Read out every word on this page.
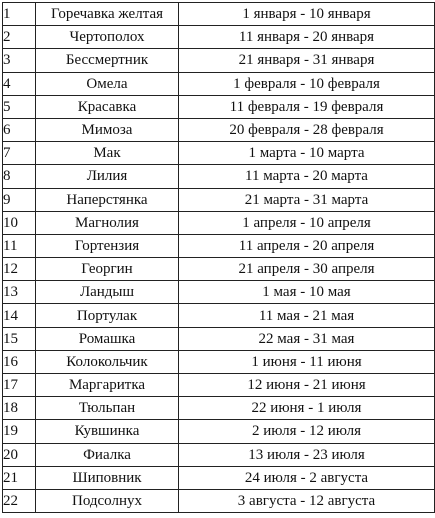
1	Горечавка желтая	1 января - 10 января
2	Чертополох	11 января - 20 января
3	Бессмертник	21 января - 31 января
4	Омела	1 февраля - 10 февраля
5	Красавка	11 февраля - 19 февраля
6	Мимоза	20 февраля - 28 февраля
7	Мак	1 марта - 10 марта
8	Лилия	11 марта - 20 марта
9	Наперстянка	21 марта - 31 марта
10	Магнолия	1 апреля - 10 апреля
11	Гортензия	11 апреля - 20 апреля
12	Георгин	21 апреля - 30 апреля
13	Ландыш	1 мая - 10 мая
14	Портулак	11 мая - 21 мая
15	Ромашка	22 мая - 31 мая
16	Колокольчик	1 июня - 11 июня
17	Маргаритка	12 июня - 21 июня
18	Тюльпан	22 июня - 1 июля
19	Кувшинка	2 июля - 12 июля
20	Фиалка	13 июля - 23 июля
21	Шиповник	24 июля - 2 августа
22	Подсолнух	3 августа - 12 августа
